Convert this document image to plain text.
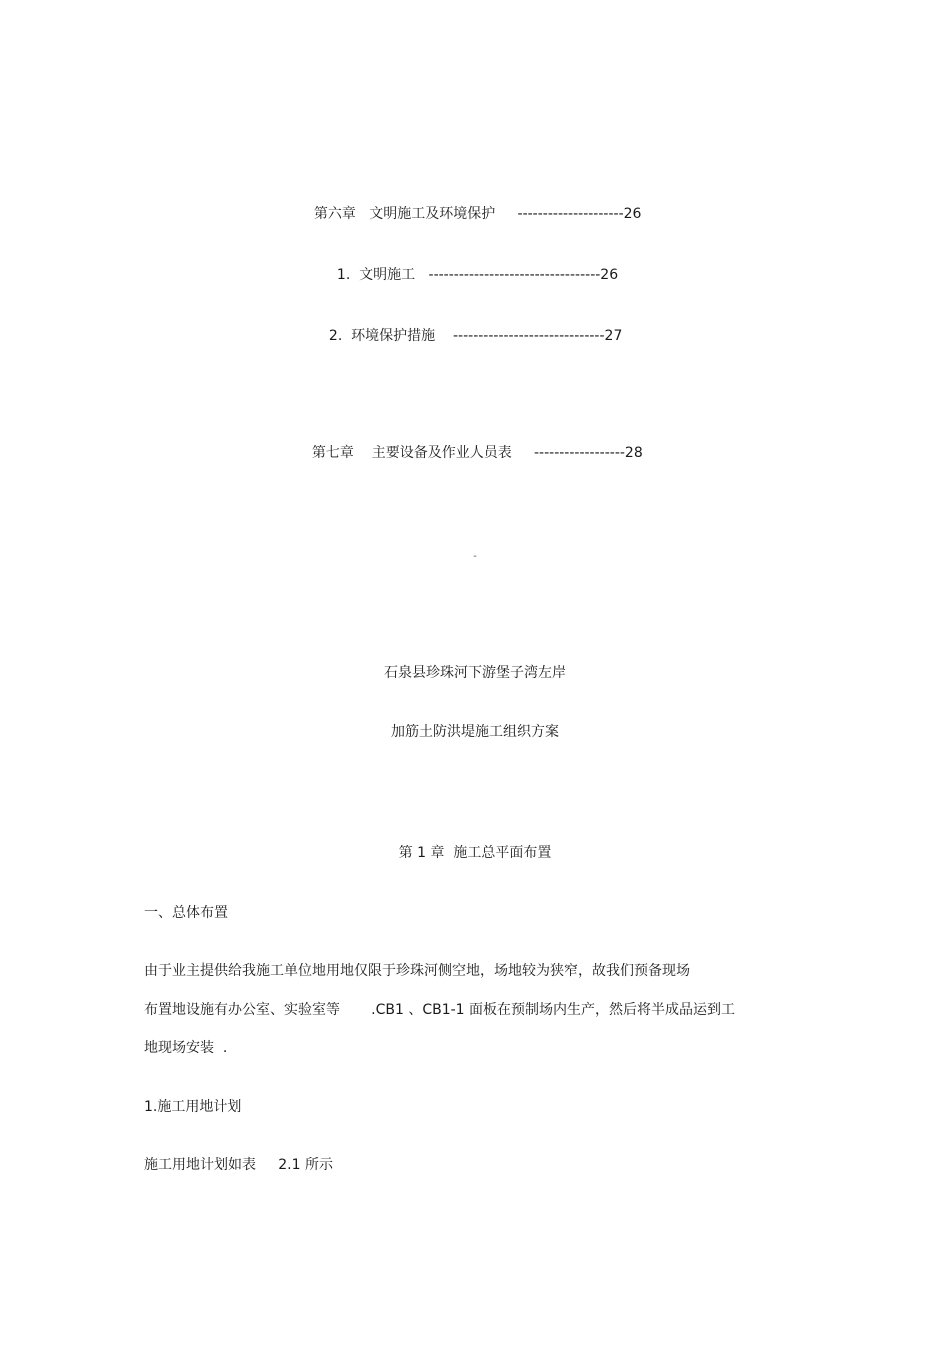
第六章   文明施工及环境保护 ---------------------26

1.  文明施工 ----------------------------------26

2.  环境保护措施 ------------------------------27

第七章    主要设备及作业人员表 ------------------28

-
石泉县珍珠河下游堡子湾左岸
加筋土防洪堤施工组织方案
第 1 章  施工总平面布置
一、总体布置
由于业主提供给我施工单位地用地仅限于珍珠河侧空地，场地较为狭窄，故我们预备现场
布置地设施有办公室、实验室等       .CB1 、CB1-1 面板在预制场内生产，然后将半成品运到工
地现场安装  .
1.施工用地计划
施工用地计划如表     2.1 所示
